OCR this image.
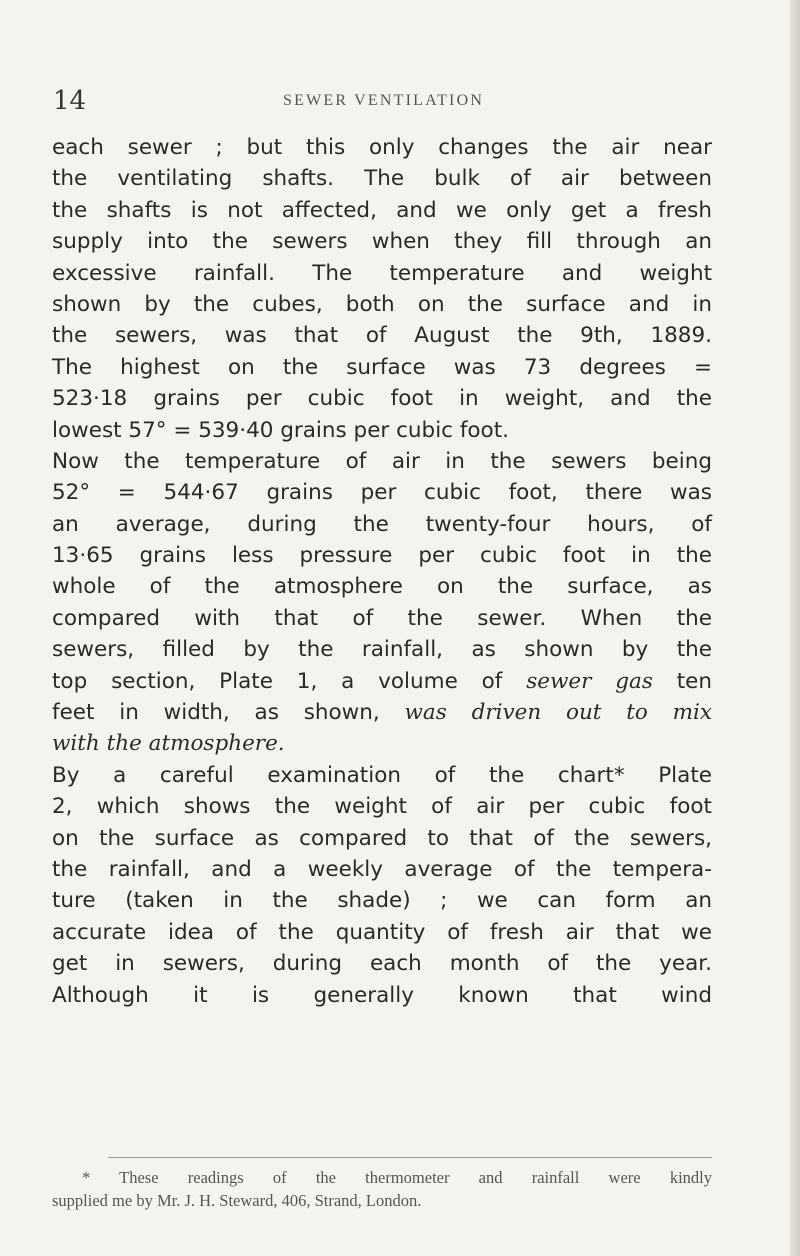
14	SEWER VENTILATION
each sewer ; but this only changes the air near
the ventilating shafts. The bulk of air between
the shafts is not affected, and we only get a fresh
supply into the sewers when they fill through an
excessive rainfall. The temperature and weight
shown by the cubes, both on the surface and in
the sewers, was that of August the 9th, 1889.
The highest on the surface was 73 degrees =
523·18 grains per cubic foot in weight, and the
lowest 57° = 539·40 grains per cubic foot.
Now the temperature of air in the sewers being
52° = 544·67 grains per cubic foot, there was
an average, during the twenty-four hours, of
13·65 grains less pressure per cubic foot in the
whole of the atmosphere on the surface, as
compared with that of the sewer. When the
sewers, filled by the rainfall, as shown by the
top section, Plate 1, a volume of sewer gas ten
feet in width, as shown, was driven out to mix
with the atmosphere.
By a careful examination of the chart* Plate
2, which shows the weight of air per cubic foot
on the surface as compared to that of the sewers,
the rainfall, and a weekly average of the tempera-
ture (taken in the shade) ; we can form an
accurate idea of the quantity of fresh air that we
get in sewers, during each month of the year.
Although it is generally known that wind
* These readings of the thermometer and rainfall were kindly
supplied me by Mr. J. H. Steward, 406, Strand, London.
